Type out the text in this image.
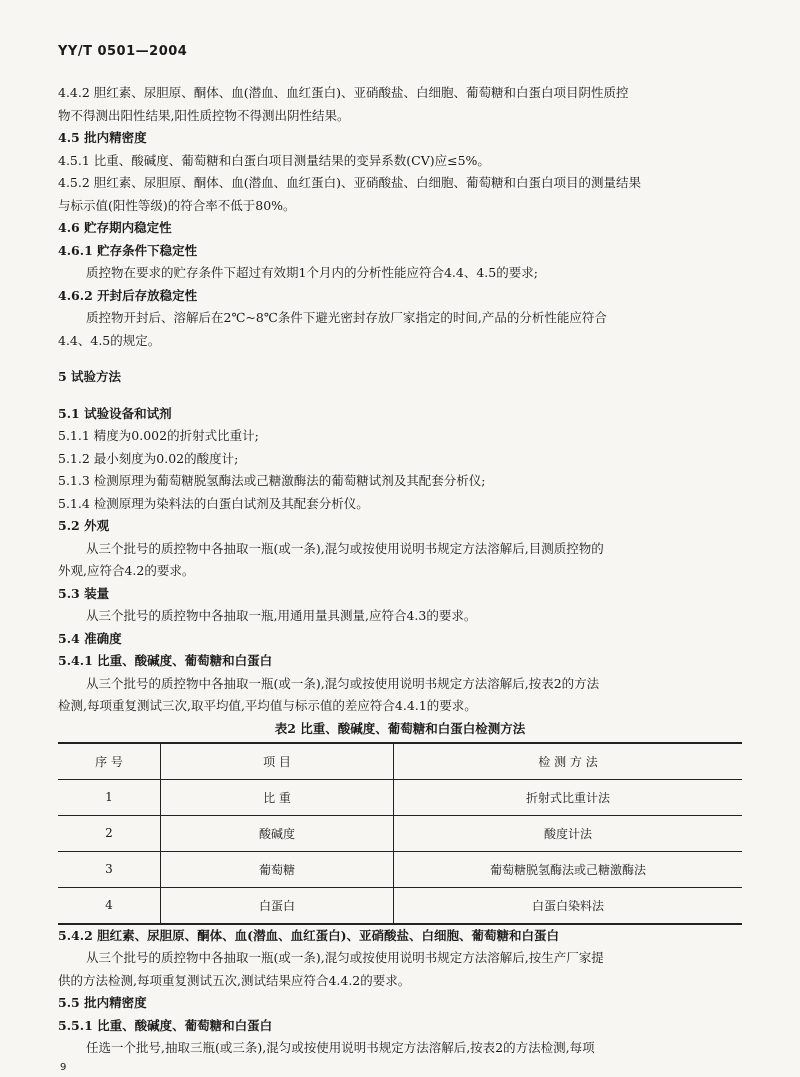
YY/T 0501—2004
4.4.2 胆红素、尿胆原、酮体、血(潜血、血红蛋白)、亚硝酸盐、白细胞、葡萄糖和白蛋白项目阴性质控
物不得测出阳性结果,阳性质控物不得测出阴性结果。
4.5 批内精密度
4.5.1 比重、酸碱度、葡萄糖和白蛋白项目测量结果的变异系数(CV)应≤5%。
4.5.2 胆红素、尿胆原、酮体、血(潜血、血红蛋白)、亚硝酸盐、白细胞、葡萄糖和白蛋白项目的测量结果
与标示值(阳性等级)的符合率不低于80%。
4.6 贮存期内稳定性
4.6.1 贮存条件下稳定性
质控物在要求的贮存条件下超过有效期1个月内的分析性能应符合4.4、4.5的要求;
4.6.2 开封后存放稳定性
质控物开封后、溶解后在2℃~8℃条件下避光密封存放厂家指定的时间,产品的分析性能应符合
4.4、4.5的规定。
5 试验方法
5.1 试验设备和试剂
5.1.1 精度为0.002的折射式比重计;
5.1.2 最小刻度为0.02的酸度计;
5.1.3 检测原理为葡萄糖脱氢酶法或己糖激酶法的葡萄糖试剂及其配套分析仪;
5.1.4 检测原理为染料法的白蛋白试剂及其配套分析仪。
5.2 外观
从三个批号的质控物中各抽取一瓶(或一条),混匀或按使用说明书规定方法溶解后,目测质控物的
外观,应符合4.2的要求。
5.3 装量
从三个批号的质控物中各抽取一瓶,用通用量具测量,应符合4.3的要求。
5.4 准确度
5.4.1 比重、酸碱度、葡萄糖和白蛋白
从三个批号的质控物中各抽取一瓶(或一条),混匀或按使用说明书规定方法溶解后,按表2的方法
检测,每项重复测试三次,取平均值,平均值与标示值的差应符合4.4.1的要求。
表2 比重、酸碱度、葡萄糖和白蛋白检测方法
序 号	项 目	检 测 方 法
1	比 重	折射式比重计法
2	酸碱度	酸度计法
3	葡萄糖	葡萄糖脱氢酶法或己糖激酶法
4	白蛋白	白蛋白染料法
5.4.2 胆红素、尿胆原、酮体、血(潜血、血红蛋白)、亚硝酸盐、白细胞、葡萄糖和白蛋白
从三个批号的质控物中各抽取一瓶(或一条),混匀或按使用说明书规定方法溶解后,按生产厂家提
供的方法检测,每项重复测试五次,测试结果应符合4.4.2的要求。
5.5 批内精密度
5.5.1 比重、酸碱度、葡萄糖和白蛋白
任选一个批号,抽取三瓶(或三条),混匀或按使用说明书规定方法溶解后,按表2的方法检测,每项
9
